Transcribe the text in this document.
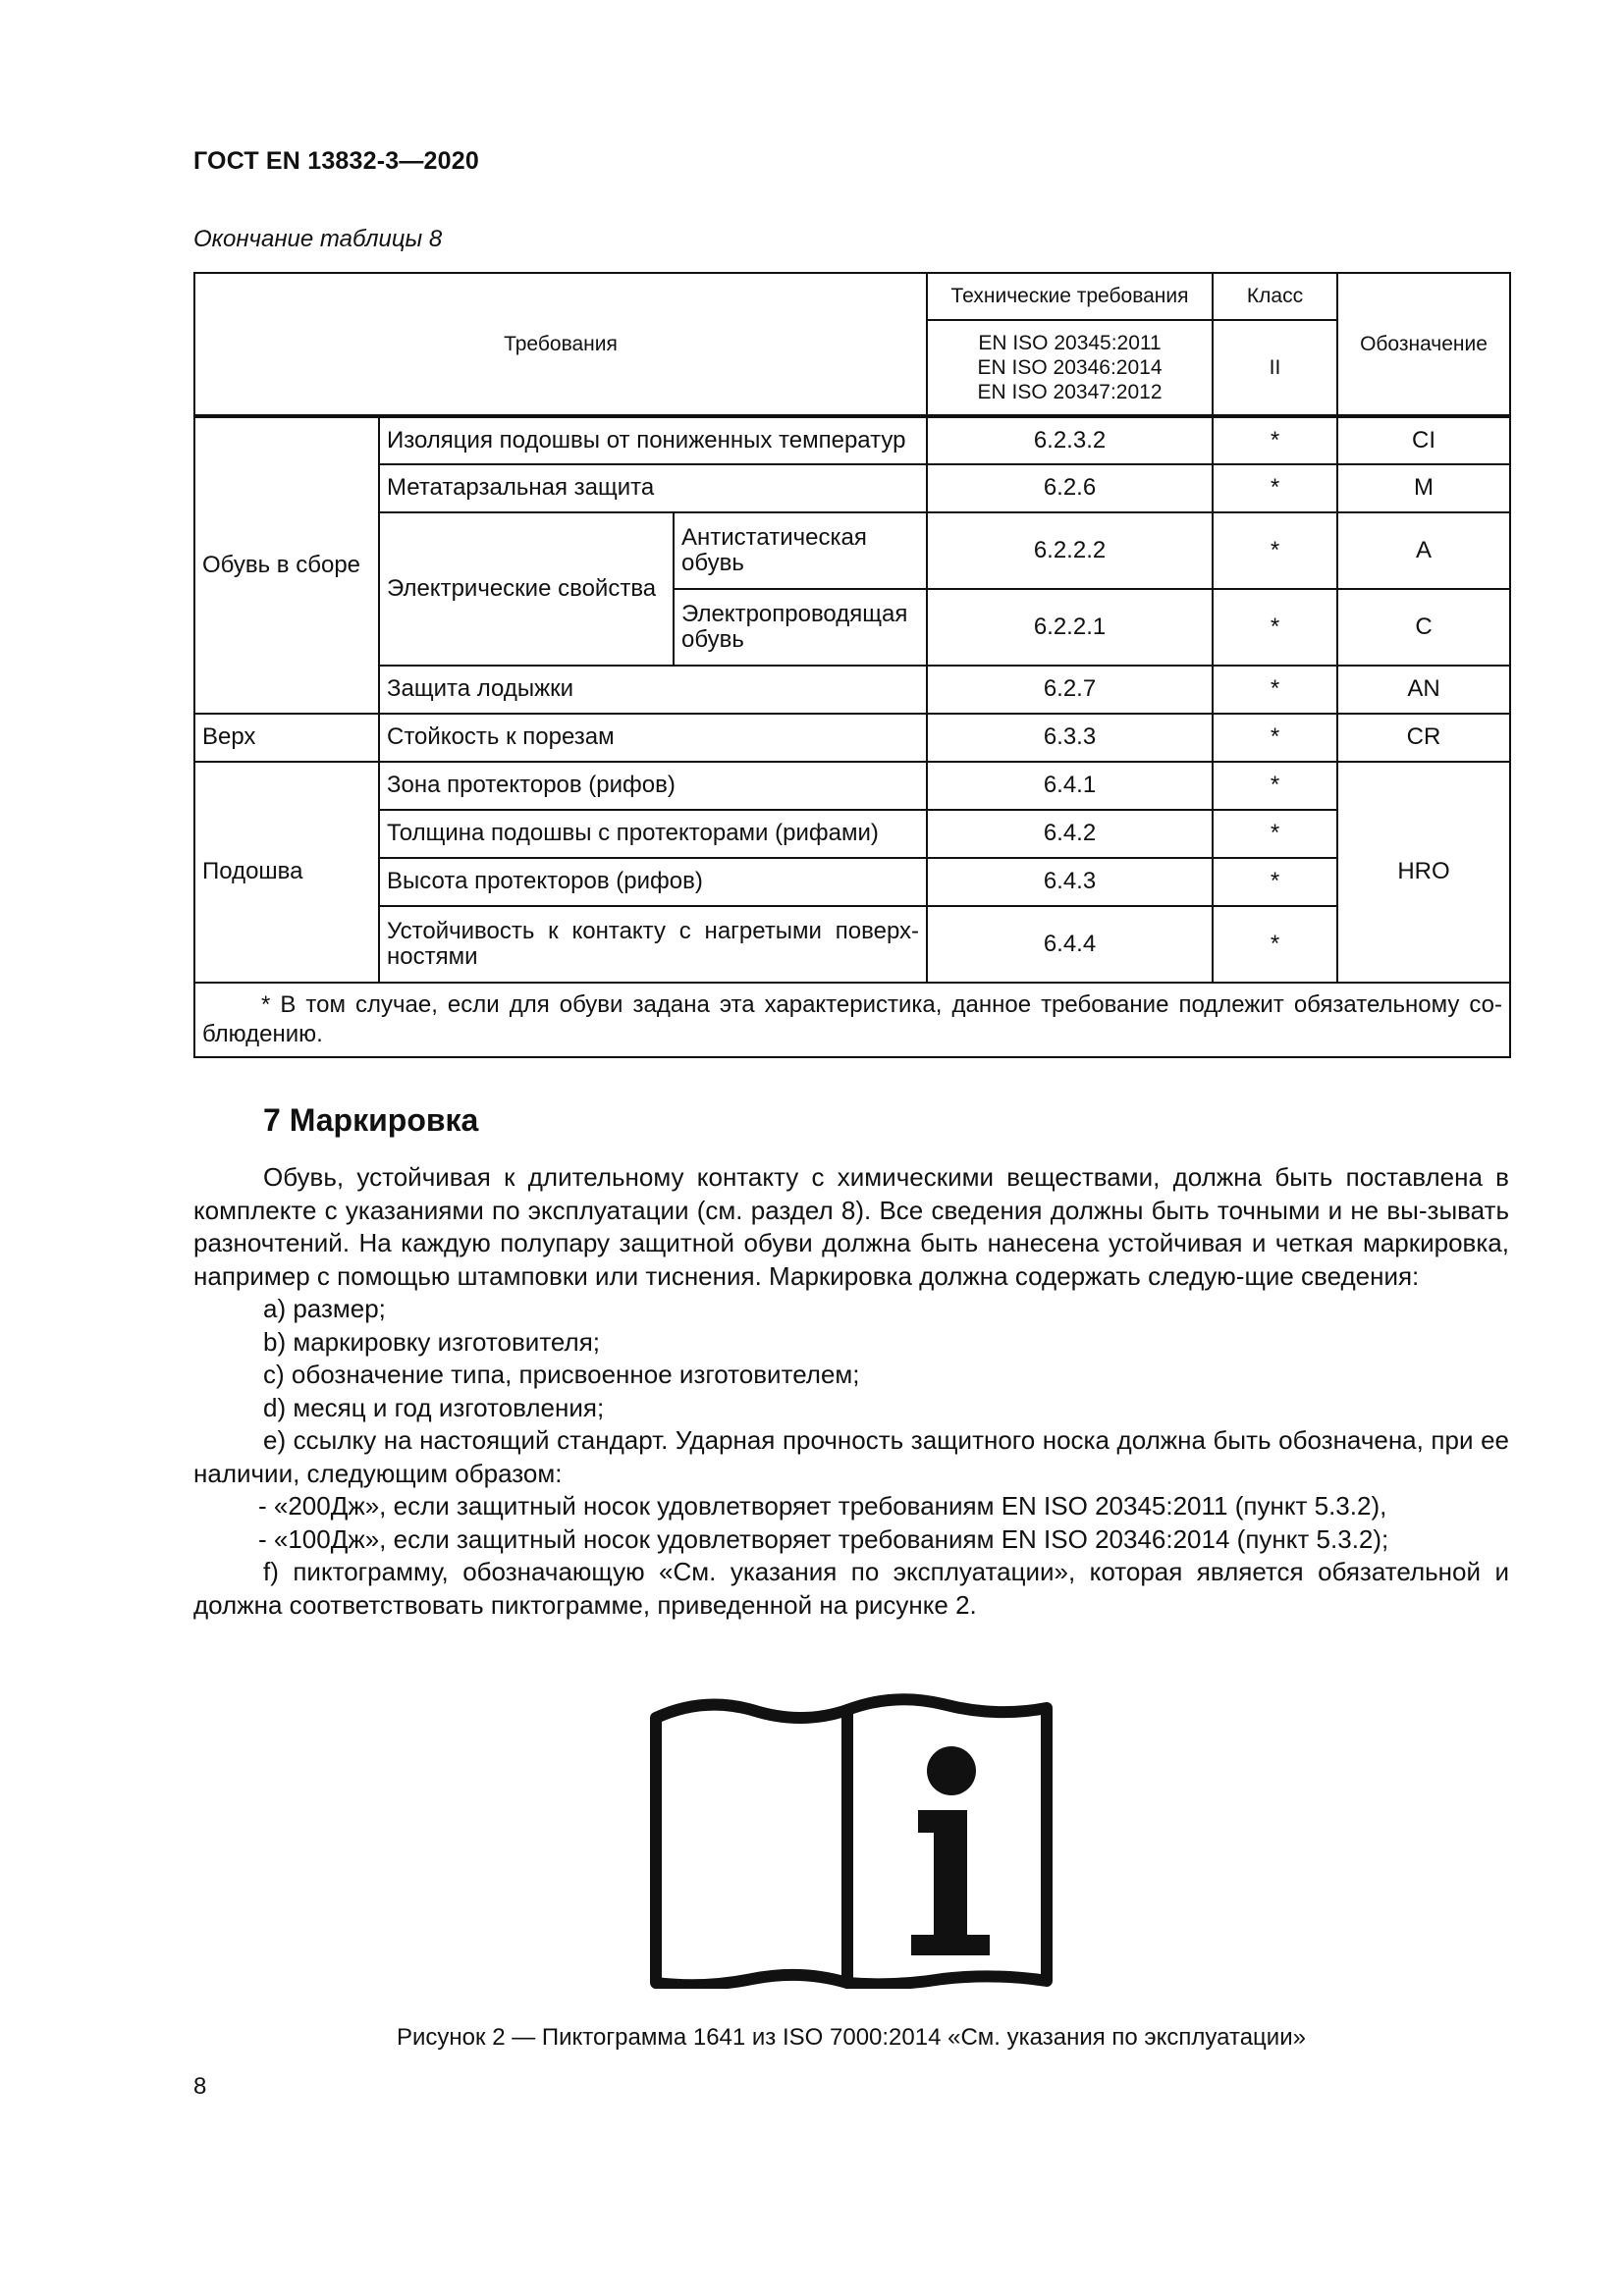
ГОСТ EN 13832-3—2020
Окончание таблицы 8
Требования			Технические требования	Класс	Обозначение

			EN ISO 20345:2011
EN ISO 20346:2014
EN ISO 20347:2012	II	
Обувь в сборе	Изоляция подошвы от пониженных температур		6.2.3.2	*	CI
	Метатарзальная защита		6.2.6	*	M
	Электрические свойства	Антистатическая обувь	6.2.2.2	*	A
		Электропроводящая обувь	6.2.2.1	*	C
	Защита лодыжки		6.2.7	*	AN
Верх	Стойкость к порезам		6.3.3	*	CR
Подошва	Зона протекторов (рифов)		6.4.1	*	HRO
	Толщина подошвы с протекторами (рифами)		6.4.2	*	
	Высота протекторов (рифов)		6.4.3	*	
	Устойчивость к контакту с нагретыми поверх-ностями		6.4.4	*	
* В том случае, если для обуви задана эта характеристика, данное требование подлежит обязательному со-блюдению.					
7 Маркировка

Обувь, устойчивая к длительному контакту с химическими веществами, должна быть поставлена в комплекте с указаниями по эксплуатации (см. раздел 8). Все сведения должны быть точными и не вы-зывать разночтений. На каждую полупару защитной обуви должна быть нанесена устойчивая и четкая маркировка, например с помощью штамповки или тиснения. Маркировка должна содержать следую-щие сведения:

a) размер;

b) маркировку изготовителя;

c) обозначение типа, присвоенное изготовителем;

d) месяц и год изготовления;

e) ссылку на настоящий стандарт. Ударная прочность защитного носка должна быть обозначена, при ее наличии, следующим образом:

- «200Дж», если защитный носок удовлетворяет требованиям EN ISO 20345:2011 (пункт 5.3.2),

- «100Дж», если защитный носок удовлетворяет требованиям EN ISO 20346:2014 (пункт 5.3.2);

f) пиктограмму, обозначающую «См. указания по эксплуатации», которая является обязательной и должна соответствовать пиктограмме, приведенной на рисунке 2.

Рисунок 2 — Пиктограмма 1641 из ISO 7000:2014 «См. указания по эксплуатации»
8
